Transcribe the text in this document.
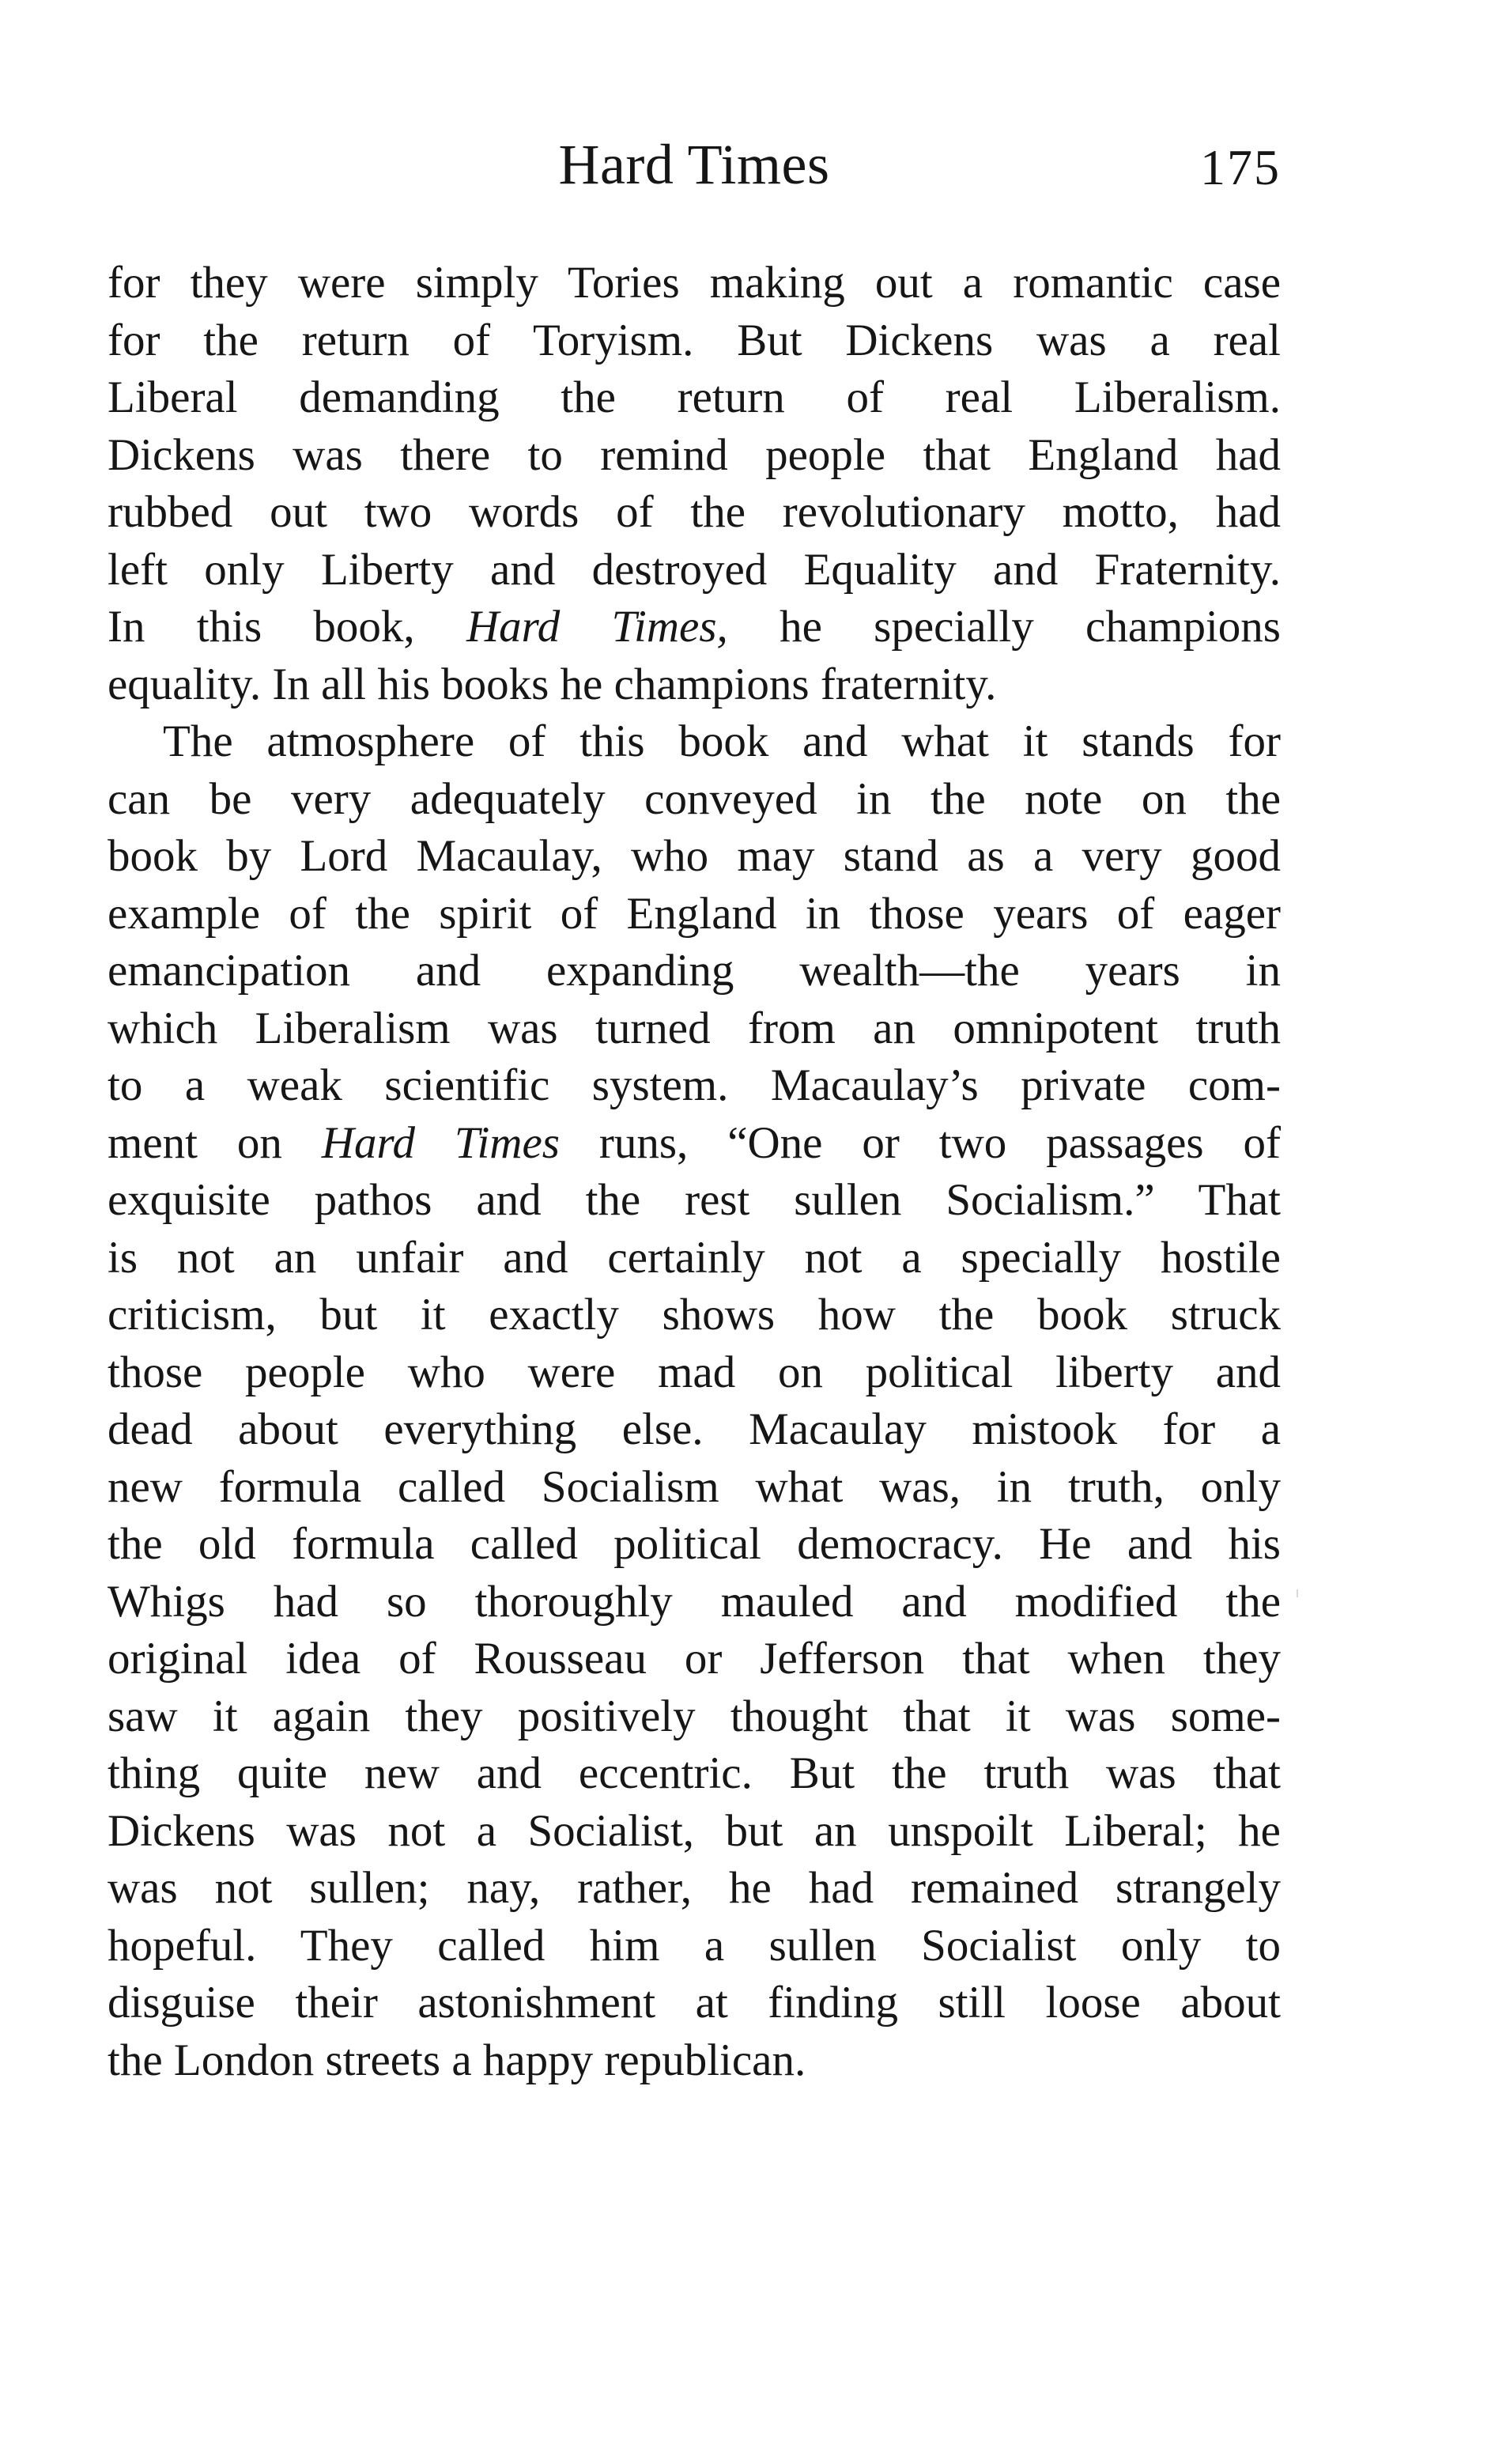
Hard Times	175
for they were simply Tories making out a romantic case
for the return of Toryism. But Dickens was a real
Liberal demanding the return of real Liberalism.
Dickens was there to remind people that England had
rubbed out two words of the revolutionary motto, had
left only Liberty and destroyed Equality and Fraternity.
In this book, Hard Times, he specially champions
equality. In all his books he champions fraternity.
The atmosphere of this book and what it stands for
can be very adequately conveyed in the note on the
book by Lord Macaulay, who may stand as a very good
example of the spirit of England in those years of eager
emancipation and expanding wealth—the years in
which Liberalism was turned from an omnipotent truth
to a weak scientific system. Macaulay’s private com-
ment on Hard Times runs, “One or two passages of
exquisite pathos and the rest sullen Socialism.” That
is not an unfair and certainly not a specially hostile
criticism, but it exactly shows how the book struck
those people who were mad on political liberty and
dead about everything else. Macaulay mistook for a
new formula called Socialism what was, in truth, only
the old formula called political democracy. He and his
Whigs had so thoroughly mauled and modified the
original idea of Rousseau or Jefferson that when they
saw it again they positively thought that it was some-
thing quite new and eccentric. But the truth was that
Dickens was not a Socialist, but an unspoilt Liberal; he
was not sullen; nay, rather, he had remained strangely
hopeful. They called him a sullen Socialist only to
disguise their astonishment at finding still loose about
the London streets a happy republican.
